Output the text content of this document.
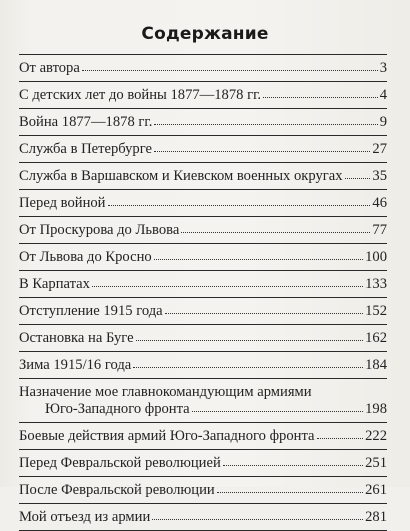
Содержание
От автора	3
С детских лет до войны 1877—1878 гг.	4
Война 1877—1878 гг.	9
Служба в Петербурге	27
Служба в Варшавском и Киевском военных округах 35
Перед войной	46
От Проскурова до Львова	77
От Львова до Кросно	100
В Карпатах	133
Отступление 1915 года	152
Остановка на Буге	162
Зима 1915/16 года	184
Назначение мое главнокомандующим армиями
Юго-Западного фронта	198
Боевые действия армий Юго-Западного фронта	222
Перед Февральской революцией	251
После Февральской революции	261
Мой отъезд из армии	281
